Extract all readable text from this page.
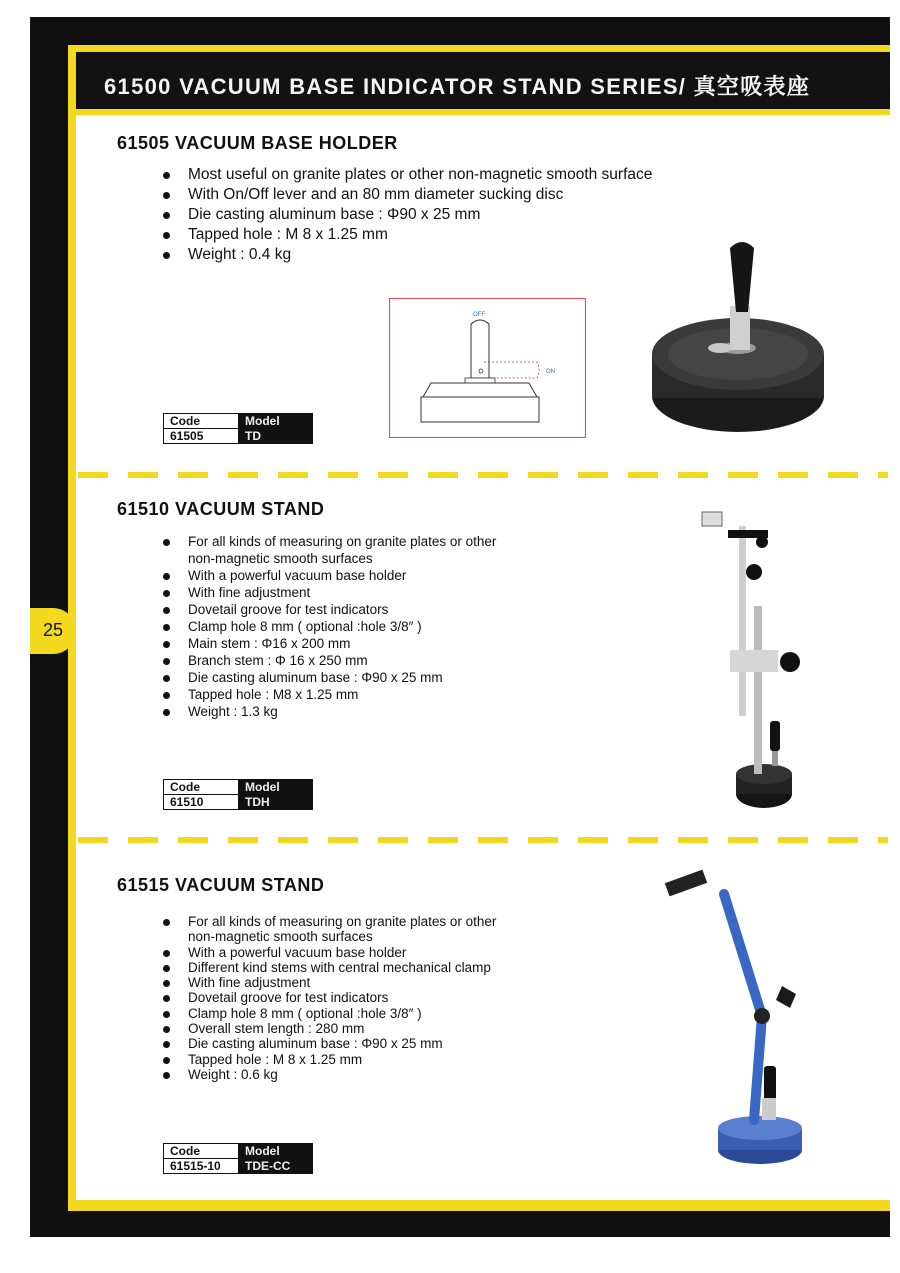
61500 VACUUM BASE INDICATOR STAND SERIES/ 真空吸表座
25
61505 VACUUM BASE HOLDER
Most useful on granite plates or other non-magnetic smooth surface
With On/Off lever and an 80 mm diameter sucking disc
Die casting aluminum base : Φ90 x 25 mm
Tapped hole : M 8 x 1.25 mm
Weight : 0.4 kg
Code	Model
61505	TD
OFF
ON
61510 VACUUM STAND
For all kinds of measuring on granite plates or other
non-magnetic smooth surfaces
With a powerful vacuum base holder
With fine adjustment
Dovetail groove for test indicators
Clamp hole 8 mm ( optional :hole 3/8″ )
Main stem : Φ16 x 200 mm
Branch stem : Φ 16 x 250 mm
Die casting aluminum base : Φ90 x 25 mm
Tapped hole : M8 x 1.25 mm
Weight : 1.3 kg
Code	Model
61510	TDH
61515 VACUUM STAND
For all kinds of measuring on granite plates or other
non-magnetic smooth surfaces
With a powerful vacuum base holder
Different kind stems with central mechanical clamp
With fine adjustment
Dovetail groove for test indicators
Clamp hole 8 mm ( optional :hole 3/8″ )
Overall stem length : 280 mm
Die casting aluminum base : Φ90 x 25 mm
Tapped hole : M 8 x 1.25 mm
Weight : 0.6 kg
Code	Model
61515-10	TDE-CC
